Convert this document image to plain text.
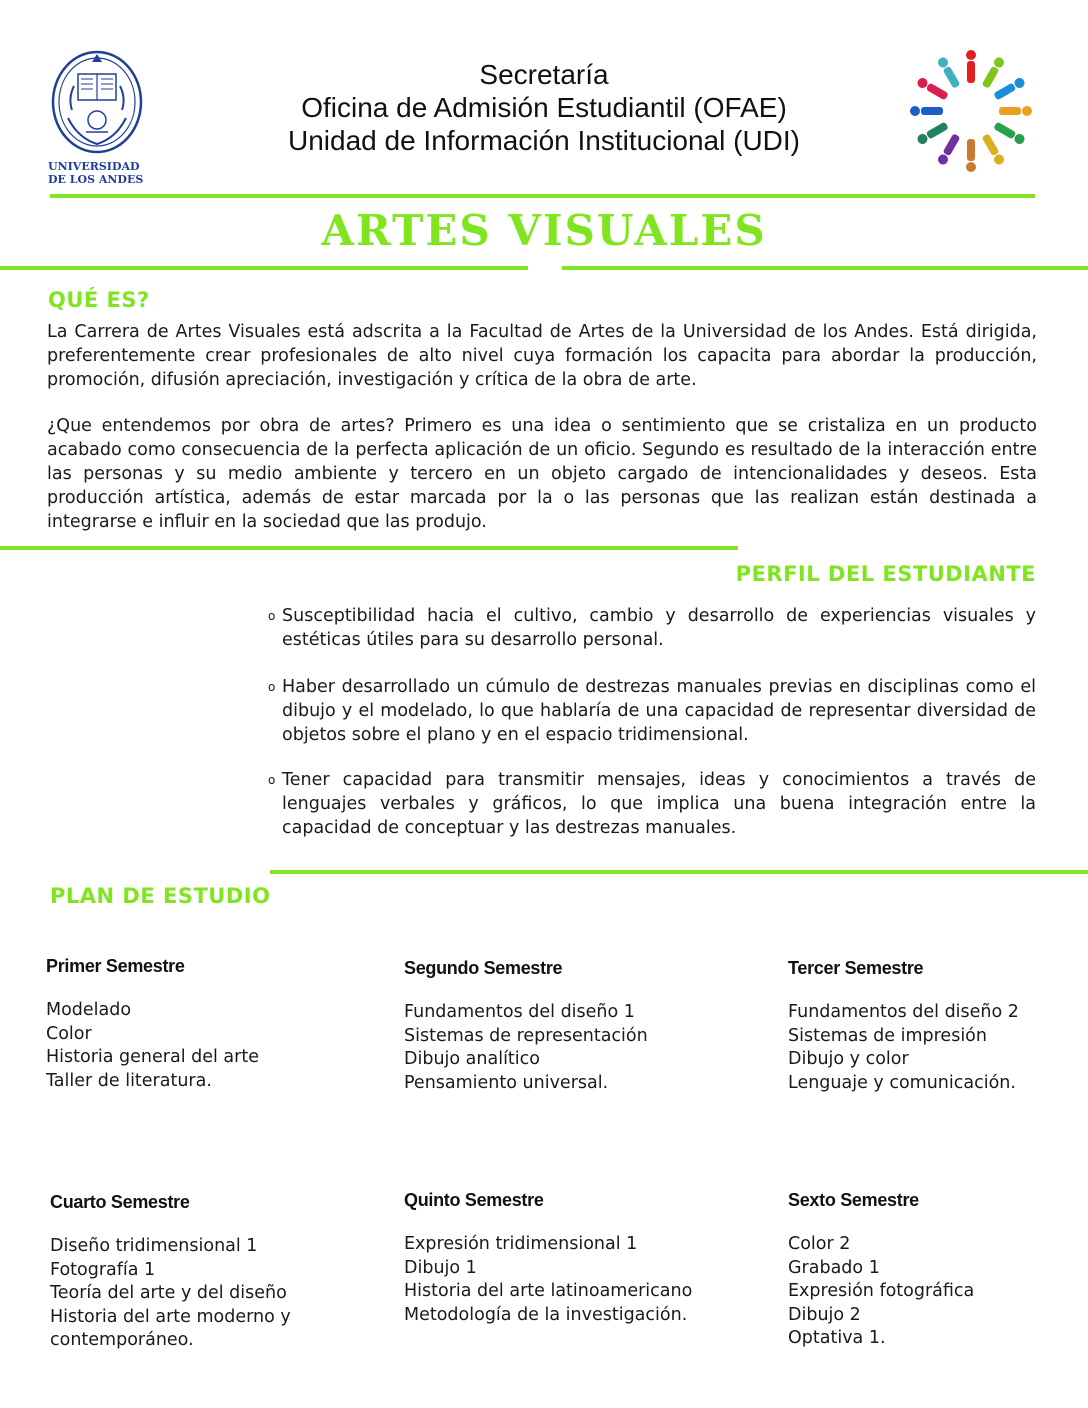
UNIVERSIDAD
DE LOS ANDES
Secretaría
Oficina de Admisión Estudiantil (OFAE)
Unidad de Información Institucional (UDI)
ARTES VISUALES
QUÉ ES?

La Carrera de Artes Visuales está adscrita a la Facultad de Artes de la Universidad de los Andes. Está dirigida, preferentemente crear profesionales de alto nivel cuya formación los capacita para abordar la producción, promoción, difusión apreciación, investigación y crítica de la obra de arte.

¿Que entendemos por obra de artes? Primero es una idea o sentimiento que se cristaliza en un producto acabado como consecuencia de la perfecta aplicación de un oficio. Segundo es resultado de la interacción entre las personas y su medio ambiente y tercero en un objeto cargado de intencionalidades y deseos. Esta producción artística, además de estar marcada por la o las personas que las realizan están destinada a integrarse e influir en la sociedad que las produjo.

PERFIL DEL ESTUDIANTE
o Susceptibilidad hacia el cultivo, cambio y desarrollo de experiencias visuales y estéticas útiles para su desarrollo personal.
o Haber desarrollado un cúmulo de destrezas manuales previas en disciplinas como el dibujo y el modelado, lo que hablaría de una capacidad de representar diversidad de objetos sobre el plano y en el espacio tridimensional.
o Tener capacidad para transmitir mensajes, ideas y conocimientos a través de lenguajes verbales y gráficos, lo que implica una buena integración entre la capacidad de conceptuar y las destrezas manuales.
PLAN DE ESTUDIO
Primer Semestre
Modelado
Color
Historia general del arte
Taller de literatura.
Segundo Semestre
Fundamentos del diseño 1
Sistemas de representación
Dibujo analítico
Pensamiento universal.
Tercer Semestre
Fundamentos del diseño 2
Sistemas de impresión
Dibujo y color
Lenguaje y comunicación.
Cuarto Semestre
Diseño tridimensional 1
Fotografía 1
Teoría del arte y del diseño
Historia del arte moderno y contemporáneo.
Quinto Semestre
Expresión tridimensional 1
Dibujo 1
Historia del arte latinoamericano
Metodología de la investigación.
Sexto Semestre
Color 2
Grabado 1
Expresión fotográfica
Dibujo 2
Optativa 1.
